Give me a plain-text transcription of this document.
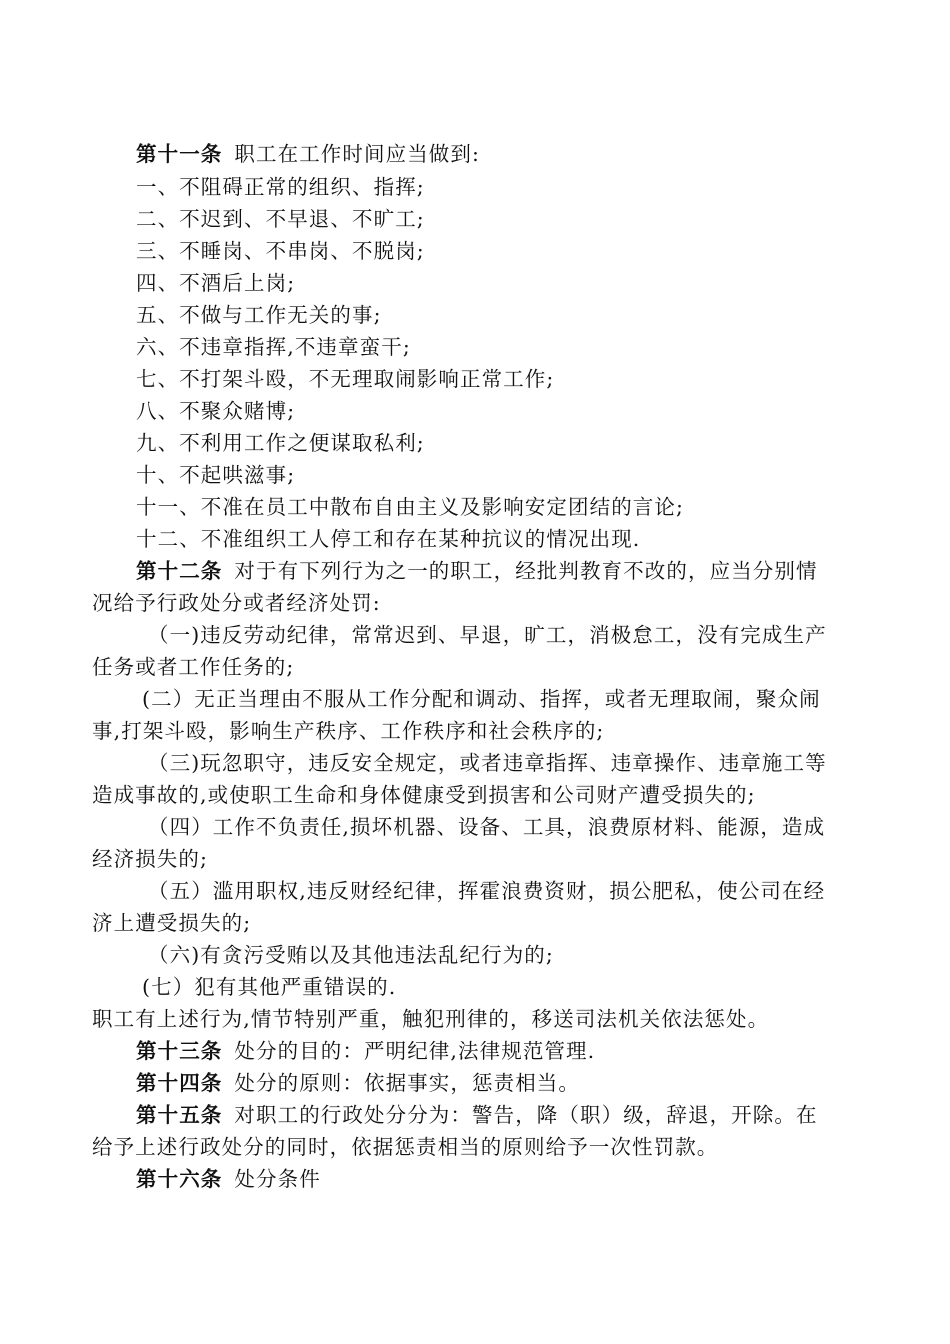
第十一条 职工在工作时间应当做到:
一、不阻碍正常的组织、指挥;
二、不迟到、不早退、不旷工;
三、不睡岗、不串岗、不脱岗;
四、不酒后上岗;
五、不做与工作无关的事;
六、不违章指挥,不违章蛮干;
七、不打架斗殴，不无理取闹影响正常工作;
八、不聚众赌博;
九、不利用工作之便谋取私利;
十、不起哄滋事;
十一、不准在员工中散布自由主义及影响安定团结的言论;
十二、不准组织工人停工和存在某种抗议的情况出现.
第十二条 对于有下列行为之一的职工，经批判教育不改的，应当分别情
况给予行政处分或者经济处罚:
（一)违反劳动纪律，常常迟到、早退，旷工，消极怠工，没有完成生产
任务或者工作任务的;
(二）无正当理由不服从工作分配和调动、指挥，或者无理取闹，聚众闹
事,打架斗殴，影响生产秩序、工作秩序和社会秩序的;
（三)玩忽职守，违反安全规定，或者违章指挥、违章操作、违章施工等
造成事故的,或使职工生命和身体健康受到损害和公司财产遭受损失的;
（四）工作不负责任,损坏机器、设备、工具，浪费原材料、能源，造成
经济损失的;
（五）滥用职权,违反财经纪律，挥霍浪费资财，损公肥私，使公司在经
济上遭受损失的;
（六)有贪污受贿以及其他违法乱纪行为的;
(七）犯有其他严重错误的.
职工有上述行为,情节特别严重，触犯刑律的，移送司法机关依法惩处。
第十三条 处分的目的：严明纪律,法律规范管理.
第十四条 处分的原则：依据事实，惩责相当。
第十五条 对职工的行政处分分为：警告，降（职）级，辞退，开除。在
给予上述行政处分的同时，依据惩责相当的原则给予一次性罚款。
第十六条 处分条件
